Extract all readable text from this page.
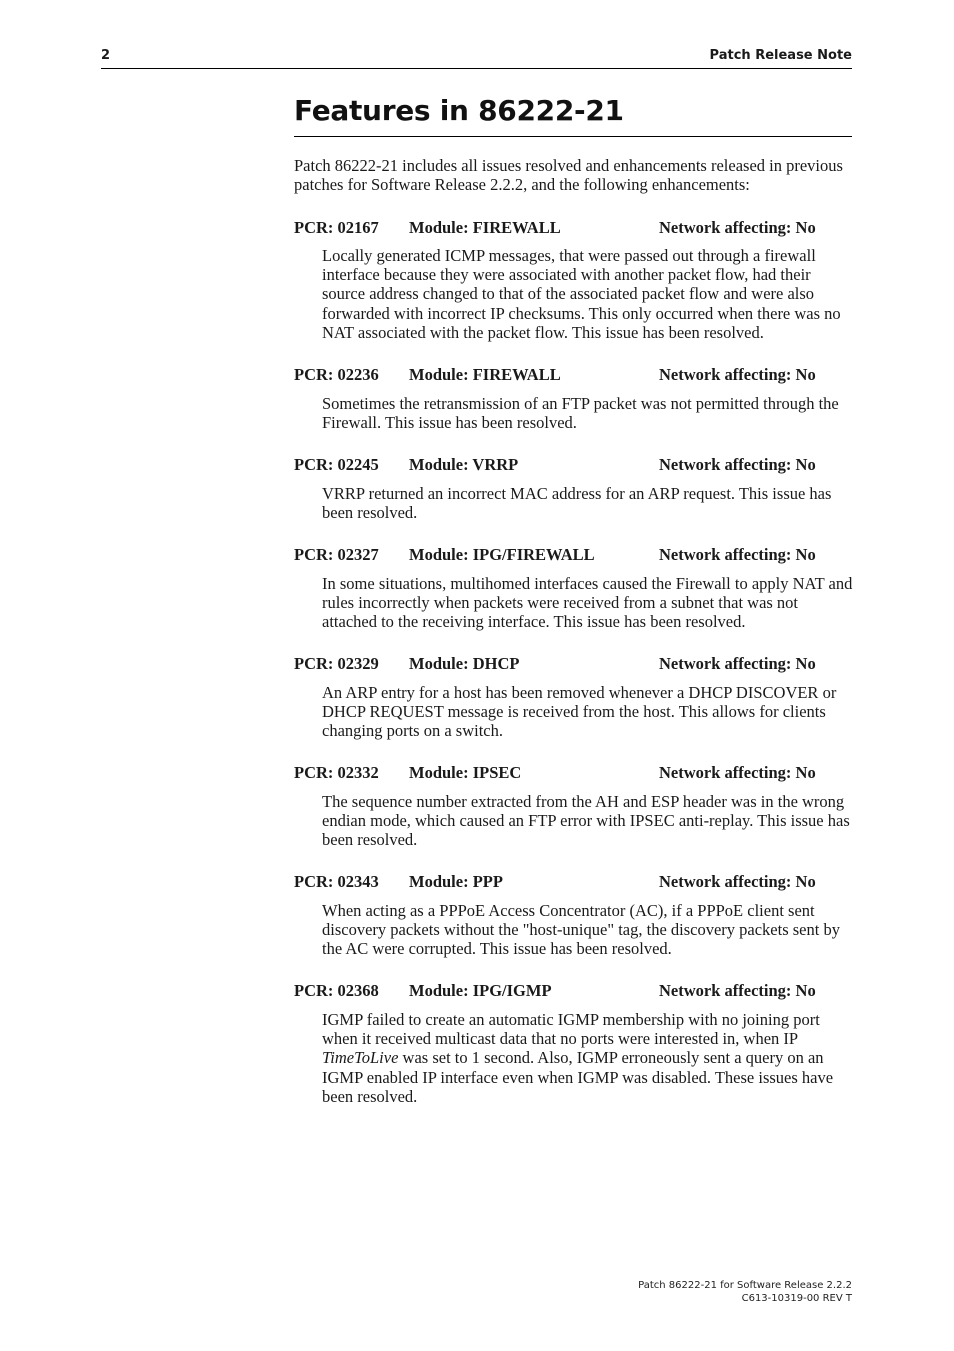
2	Patch Release Note
Features in 86222-21

Patch 86222-21 includes all issues resolved and enhancements released in previous patches for Software Release 2.2.2, and the following enhancements:

PCR: 02167 Module: FIREWALL	Network affecting: No

Locally generated ICMP messages, that were passed out through a firewall interface because they were associated with another packet flow, had their source address changed to that of the associated packet flow and were also forwarded with incorrect IP checksums. This only occurred when there was no NAT associated with the packet flow. This issue has been resolved.

PCR: 02236 Module: FIREWALL	Network affecting: No

Sometimes the retransmission of an FTP packet was not permitted through the Firewall. This issue has been resolved.

PCR: 02245 Module: VRRP	Network affecting: No

VRRP returned an incorrect MAC address for an ARP request. This issue has been resolved.

PCR: 02327 Module: IPG/FIREWALL	Network affecting: No

In some situations, multihomed interfaces caused the Firewall to apply NAT and rules incorrectly when packets were received from a subnet that was not attached to the receiving interface. This issue has been resolved.

PCR: 02329 Module: DHCP	Network affecting: No

An ARP entry for a host has been removed whenever a DHCP DISCOVER or DHCP REQUEST message is received from the host. This allows for clients changing ports on a switch.

PCR: 02332 Module: IPSEC	Network affecting: No

The sequence number extracted from the AH and ESP header was in the wrong endian mode, which caused an FTP error with IPSEC anti-replay. This issue has been resolved.

PCR: 02343 Module: PPP	Network affecting: No

When acting as a PPPoE Access Concentrator (AC), if a PPPoE client sent discovery packets without the "host-unique" tag, the discovery packets sent by the AC were corrupted. This issue has been resolved.

PCR: 02368 Module: IPG/IGMP	Network affecting: No

IGMP failed to create an automatic IGMP membership with no joining port when it received multicast data that no ports were interested in, when IP TimeToLive was set to 1 second. Also, IGMP erroneously sent a query on an IGMP enabled IP interface even when IGMP was disabled. These issues have been resolved.

Patch 86222-21 for Software Release 2.2.2
C613-10319-00 REV T
